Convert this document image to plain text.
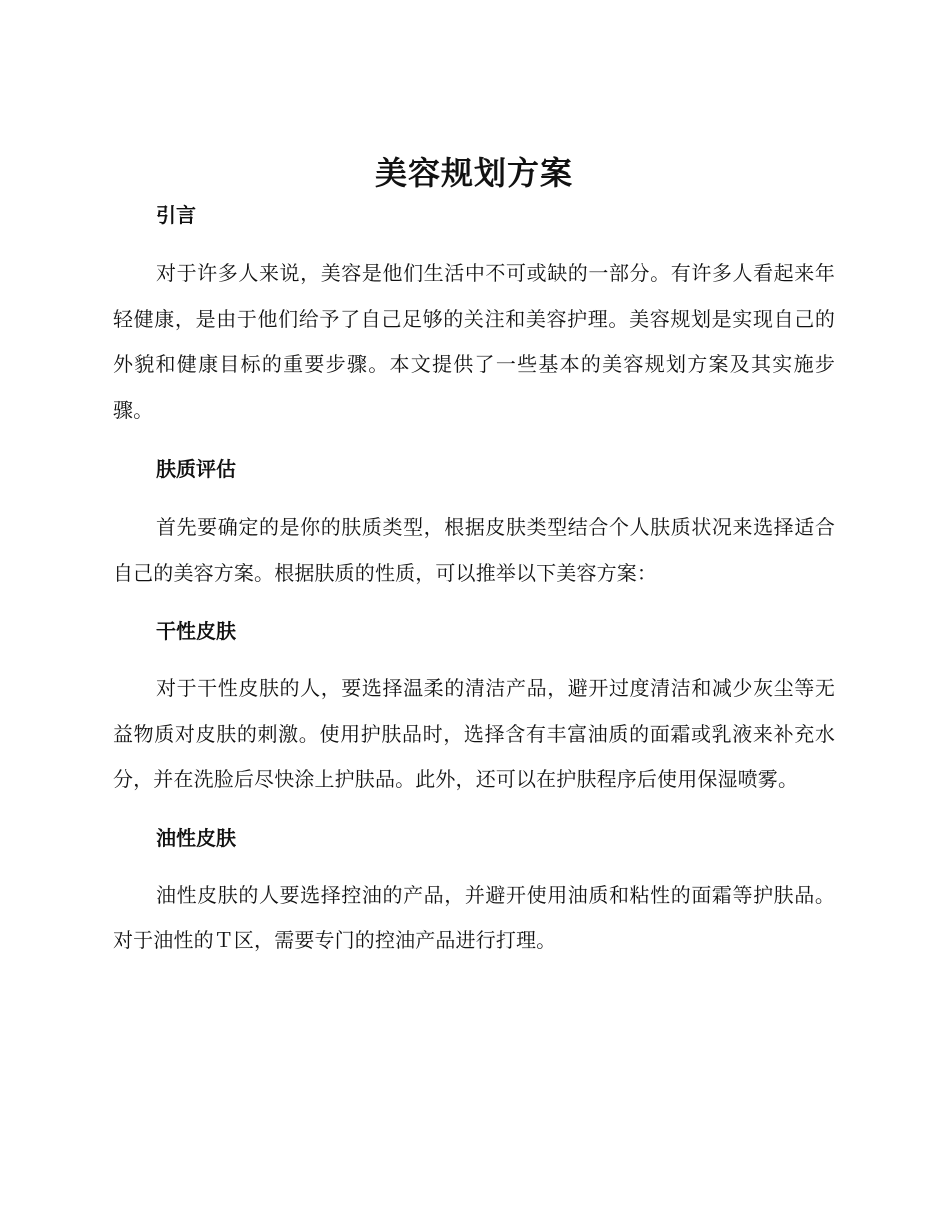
美容规划方案
引言

对于许多人来说，美容是他们生活中不可或缺的一部分。有许多人看起来年轻健康，是由于他们给予了自己足够的关注和美容护理。美容规划是实现自己的外貌和健康目标的重要步骤。本文提供了一些基本的美容规划方案及其实施步骤。

肤质评估

首先要确定的是你的肤质类型，根据皮肤类型结合个人肤质状况来选择适合自己的美容方案。根据肤质的性质，可以推举以下美容方案：

干性皮肤

对于干性皮肤的人，要选择温柔的清洁产品，避开过度清洁和减少灰尘等无益物质对皮肤的刺激。使用护肤品时，选择含有丰富油质的面霜或乳液来补充水分，并在洗脸后尽快涂上护肤品。此外，还可以在护肤程序后使用保湿喷雾。

油性皮肤

油性皮肤的人要选择控油的产品，并避开使用油质和粘性的面霜等护肤品。对于油性的Ｔ区，需要专门的控油产品进行打理。
